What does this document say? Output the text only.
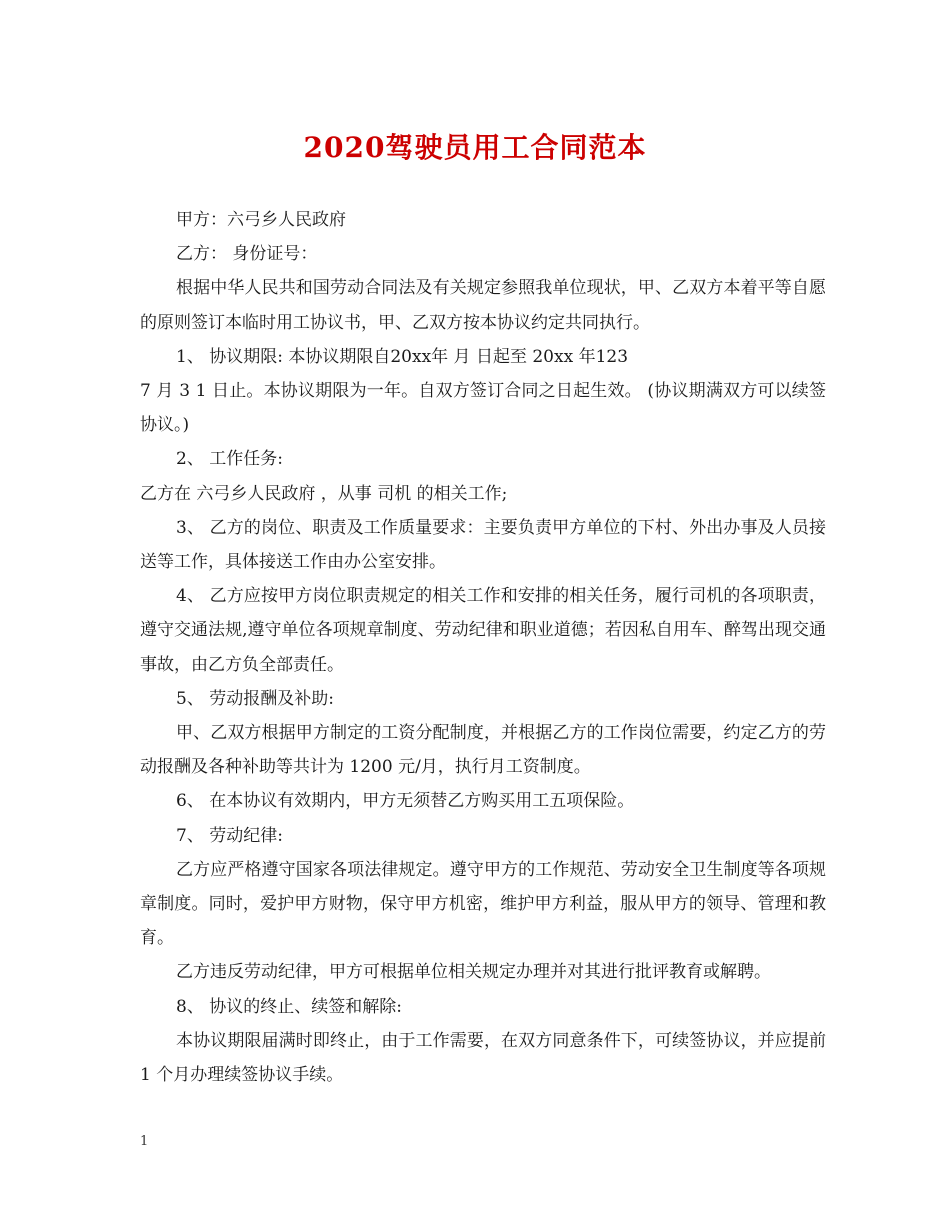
2020驾驶员用工合同范本

甲方：六弓乡人民政府

乙方： 身份证号：

根据中华人民共和国劳动合同法及有关规定参照我单位现状，甲、乙双方本着平等自愿的原则签订本临时用工协议书，甲、乙双方按本协议约定共同执行。

1、 协议期限: 本协议期限自20xx年 月 日起至 20xx 年123

7 月 3 1 日止。本协议期限为一年。自双方签订合同之日起生效。 (协议期满双方可以续签协议。)

2、 工作任务:

乙方在 六弓乡人民政府 ，从事 司机 的相关工作;

3、 乙方的岗位、职责及工作质量要求：主要负责甲方单位的下村、外出办事及人员接送等工作，具体接送工作由办公室安排。

4、 乙方应按甲方岗位职责规定的相关工作和安排的相关任务，履行司机的各项职责，遵守交通法规,遵守单位各项规章制度、劳动纪律和职业道德；若因私自用车、醉驾出现交通事故，由乙方负全部责任。

5、 劳动报酬及补助:

甲、乙双方根据甲方制定的工资分配制度，并根据乙方的工作岗位需要，约定乙方的劳动报酬及各种补助等共计为 1200 元/月，执行月工资制度。

6、 在本协议有效期内，甲方无须替乙方购买用工五项保险。

7、 劳动纪律:

乙方应严格遵守国家各项法律规定。遵守甲方的工作规范、劳动安全卫生制度等各项规章制度。同时，爱护甲方财物，保守甲方机密，维护甲方利益，服从甲方的领导、管理和教育。

乙方违反劳动纪律，甲方可根据单位相关规定办理并对其进行批评教育或解聘。

8、 协议的终止、续签和解除:

本协议期限届满时即终止，由于工作需要，在双方同意条件下，可续签协议，并应提前 1 个月办理续签协议手续。

1
